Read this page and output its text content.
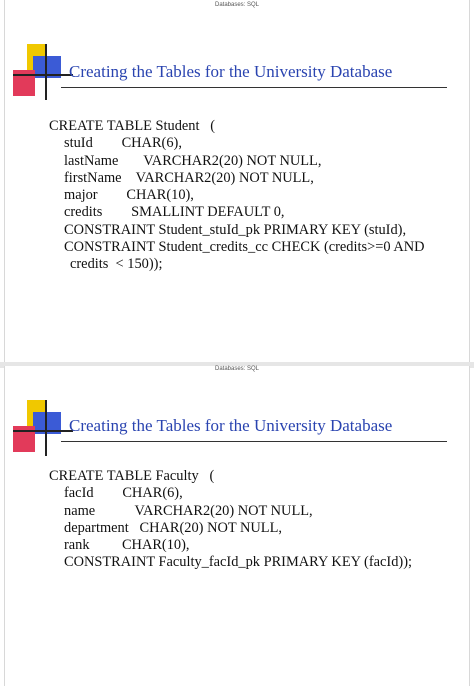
Databases: SQL
Creating the Tables for the University Database
CREATE TABLE Student   (
stuId        CHAR(6),
lastName       VARCHAR2(20) NOT NULL,
firstName    VARCHAR2(20) NOT NULL,
major        CHAR(10),
credits        SMALLINT DEFAULT 0,
CONSTRAINT Student_stuId_pk PRIMARY KEY (stuId),
CONSTRAINT Student_credits_cc CHECK (credits>=0 AND
credits  < 150));
Databases: SQL
Creating the Tables for the University Database
CREATE TABLE Faculty   (
facId        CHAR(6),
name           VARCHAR2(20) NOT NULL,
department   CHAR(20) NOT NULL,
rank         CHAR(10),
CONSTRAINT Faculty_facId_pk PRIMARY KEY (facId));
